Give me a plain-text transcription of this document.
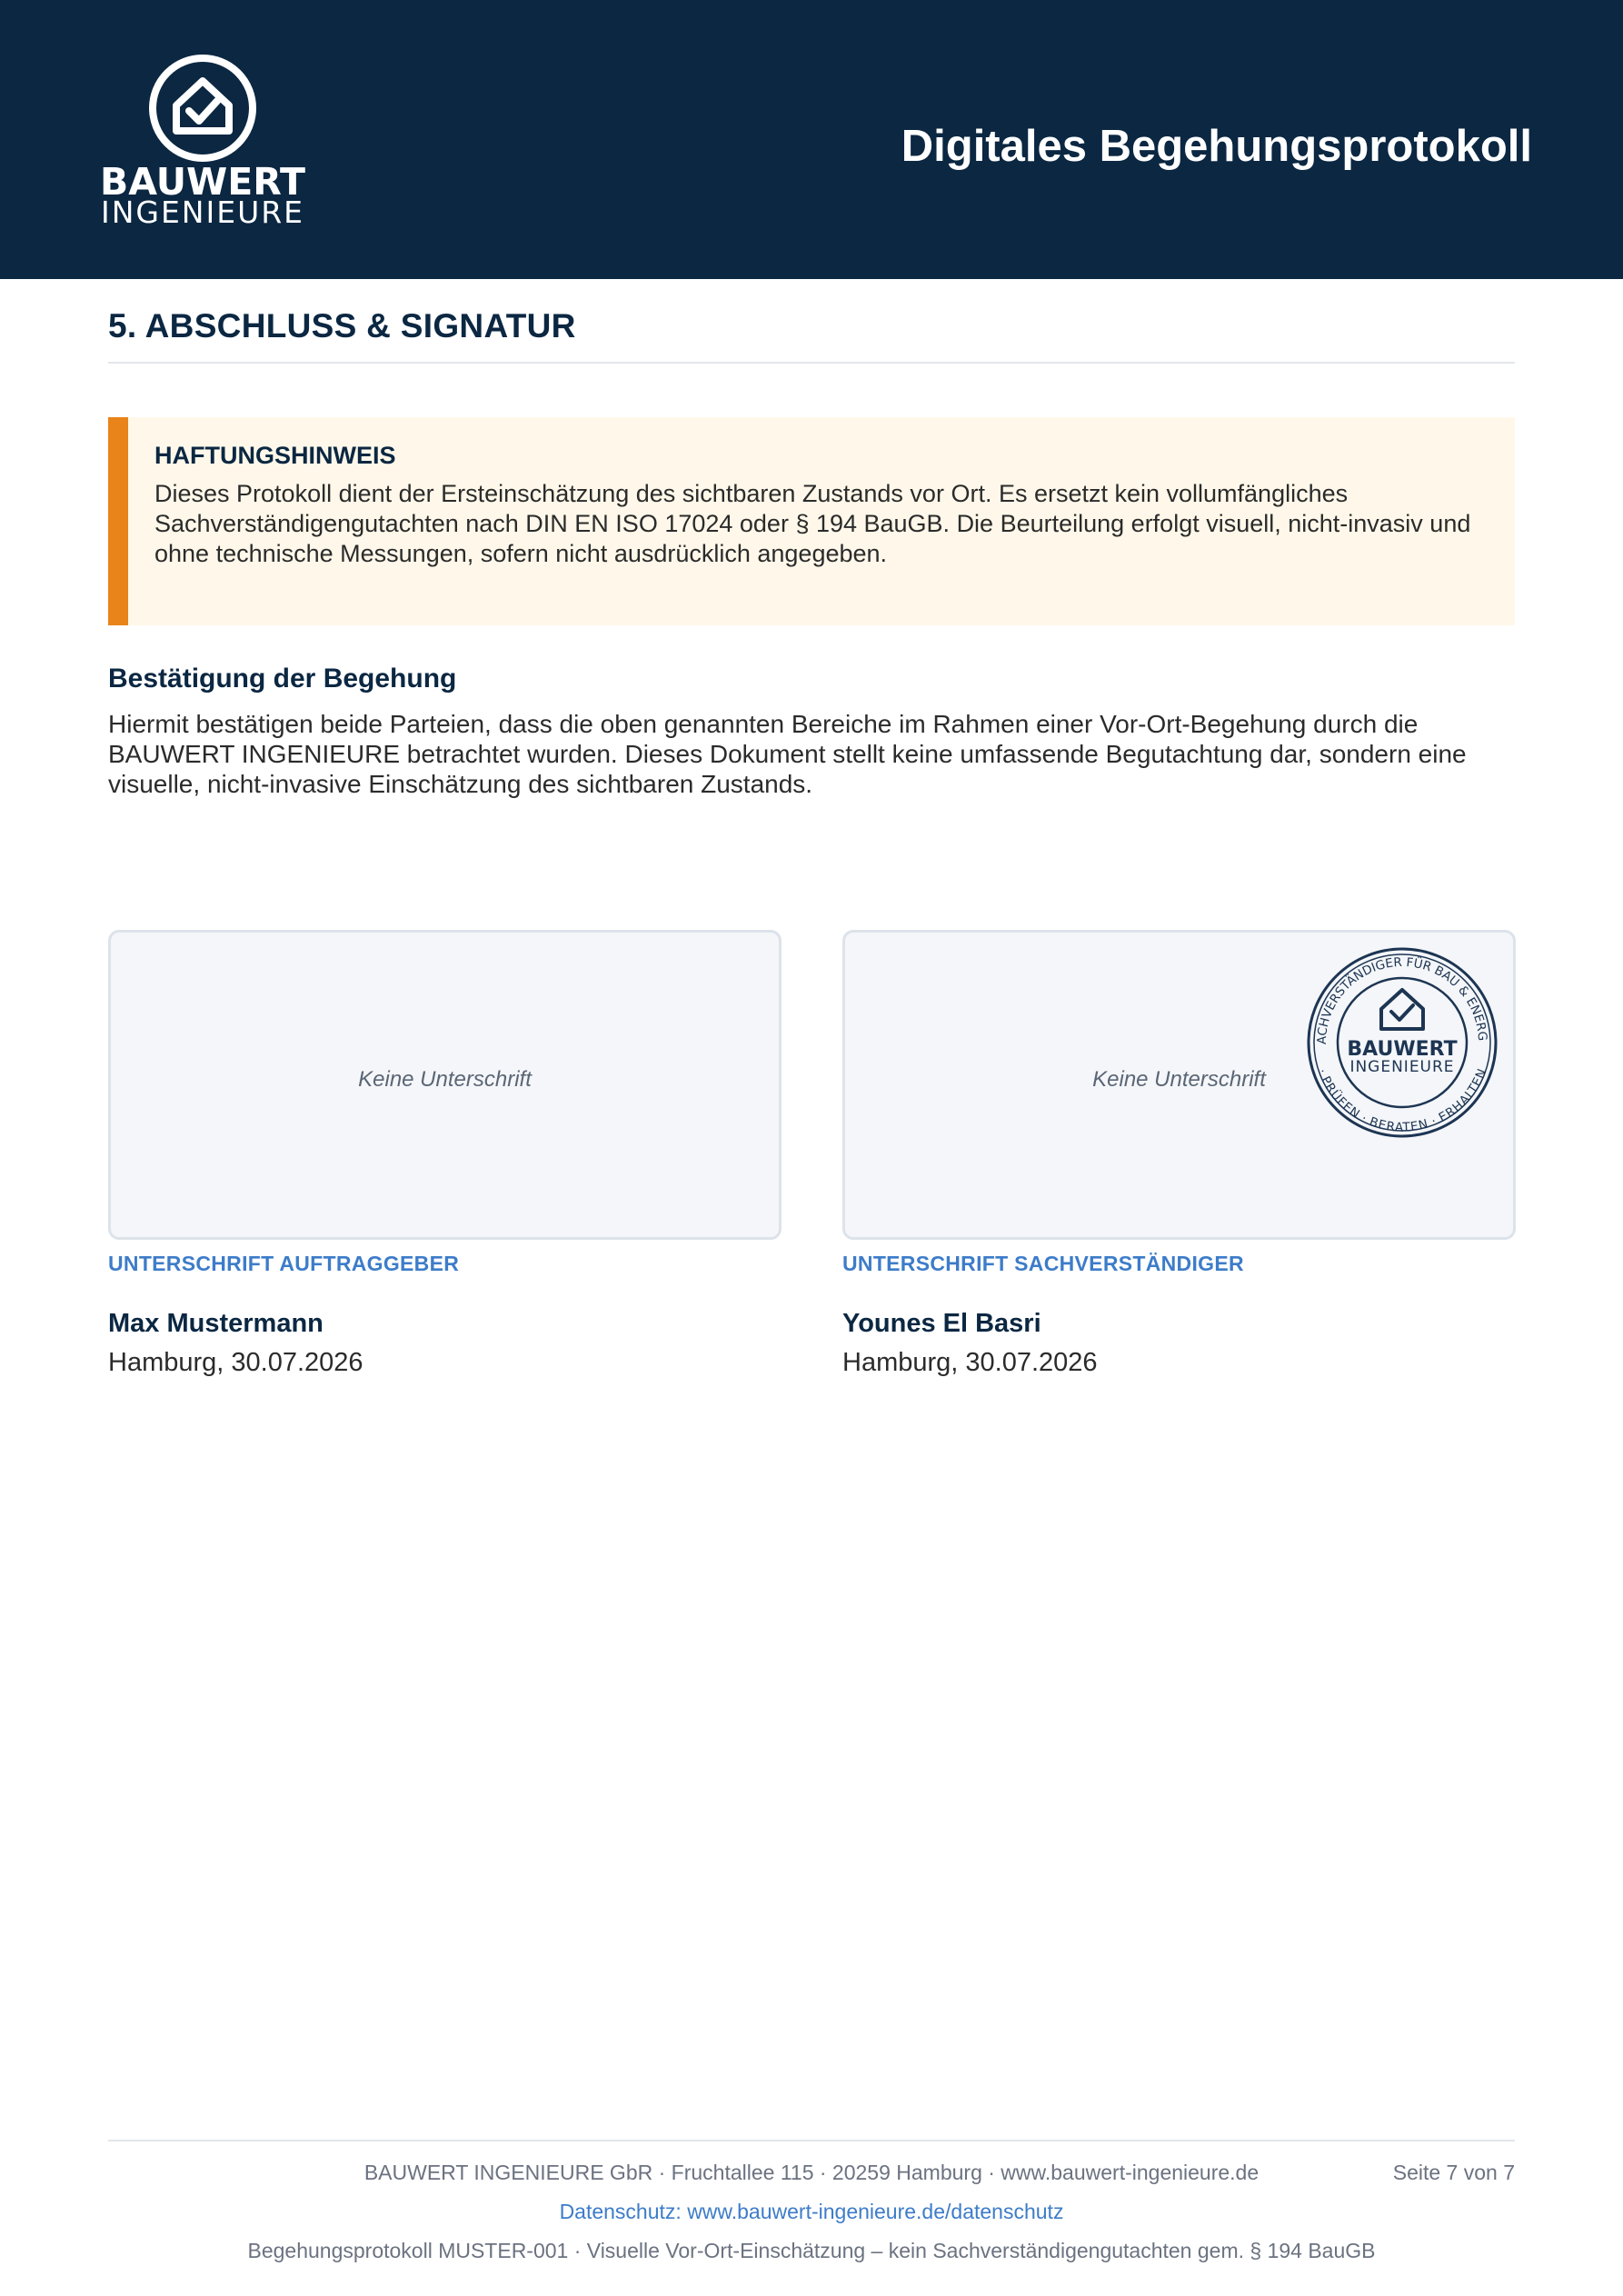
BAUWERT
INGENIEURE
Digitales Begehungsprotokoll
5. ABSCHLUSS & SIGNATUR
HAFTUNGSHINWEIS
Dieses Protokoll dient der Ersteinschätzung des sichtbaren Zustands vor Ort. Es ersetzt kein vollumfängliches Sachverständigengutachten nach DIN EN ISO 17024 oder § 194 BauGB. Die Beurteilung erfolgt visuell, nicht-invasiv und ohne technische Messungen, sofern nicht ausdrücklich angegeben.
Bestätigung der Begehung
Hiermit bestätigen beide Parteien, dass die oben genannten Bereiche im Rahmen einer Vor-Ort-Begehung durch die BAUWERT INGENIEURE betrachtet wurden. Dieses Dokument stellt keine umfassende Begutachtung dar, sondern eine visuelle, nicht-invasive Einschätzung des sichtbaren Zustands.
Keine Unterschrift	Keine Unterschrift
ACHVERSTÄNDIGER FÜR BAU & ENERG
· PRÜFEN · BERATEN · ERHALTEN
BAUWERT
INGENIEURE
UNTERSCHRIFT AUFTRAGGEBER	UNTERSCHRIFT SACHVERSTÄNDIGER
Max Mustermann	Younes El Basri
Hamburg, 30.07.2026	Hamburg, 30.07.2026
BAUWERT INGENIEURE GbR · Fruchtallee 115 · 20259 Hamburg · www.bauwert-ingenieure.de	Seite 7 von 7
Datenschutz: www.bauwert-ingenieure.de/datenschutz
Begehungsprotokoll MUSTER-001 · Visuelle Vor-Ort-Einschätzung – kein Sachverständigengutachten gem. § 194 BauGB
